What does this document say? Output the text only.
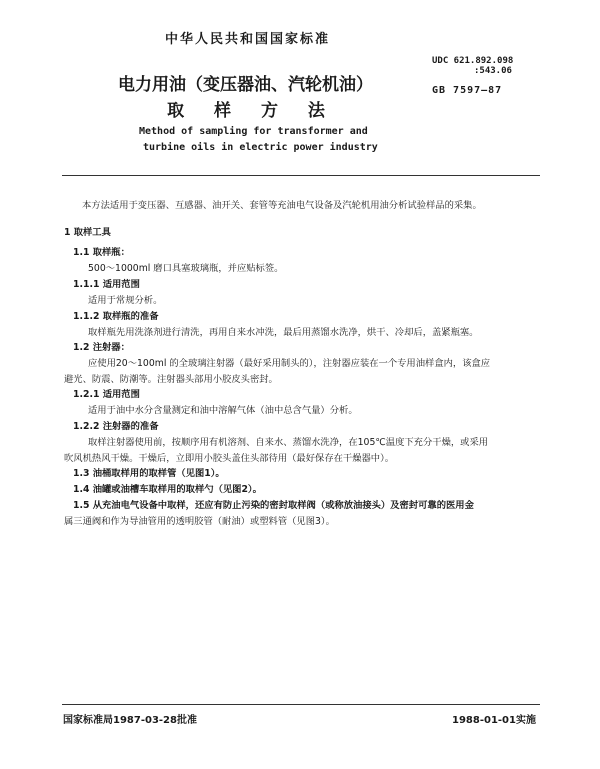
中华人民共和国国家标准
UDC 621.892.098
:543.06
GB 7597—87
电力用油（变压器油、汽轮机油）
取 样 方 法
Method of sampling for transformer and
turbine oils in electric power industry
本方法适用于变压器、互感器、油开关、套管等充油电气设备及汽轮机用油分析试验样品的采集。
1 取样工具
1.1 取样瓶：
500～1000ml 磨口具塞玻璃瓶，并应贴标签。
1.1.1 适用范围
适用于常规分析。
1.1.2 取样瓶的准备
取样瓶先用洗涤剂进行清洗，再用自来水冲洗，最后用蒸馏水洗净，烘干、冷却后，盖紧瓶塞。
1.2 注射器：
应使用20～100ml 的全玻璃注射器（最好采用制头的），注射器应装在一个专用油样盒内，该盒应
避光、防震、防潮等。注射器头部用小胶皮头密封。
1.2.1 适用范围
适用于油中水分含量测定和油中溶解气体（油中总含气量）分析。
1.2.2 注射器的准备
取样注射器使用前，按顺序用有机溶剂、自来水、蒸馏水洗净，在105℃温度下充分干燥，或采用
吹风机热风干燥。干燥后，立即用小胶头盖住头部待用（最好保存在干燥器中）。
1.3 油桶取样用的取样管（见图1）。
1.4 油罐或油槽车取样用的取样勺（见图2）。
1.5 从充油电气设备中取样，还应有防止污染的密封取样阀（或称放油接头）及密封可靠的医用金
属三通阀和作为导油管用的透明胶管（耐油）或塑料管（见图3）。
国家标准局1987-03-28批准	1988-01-01实施
